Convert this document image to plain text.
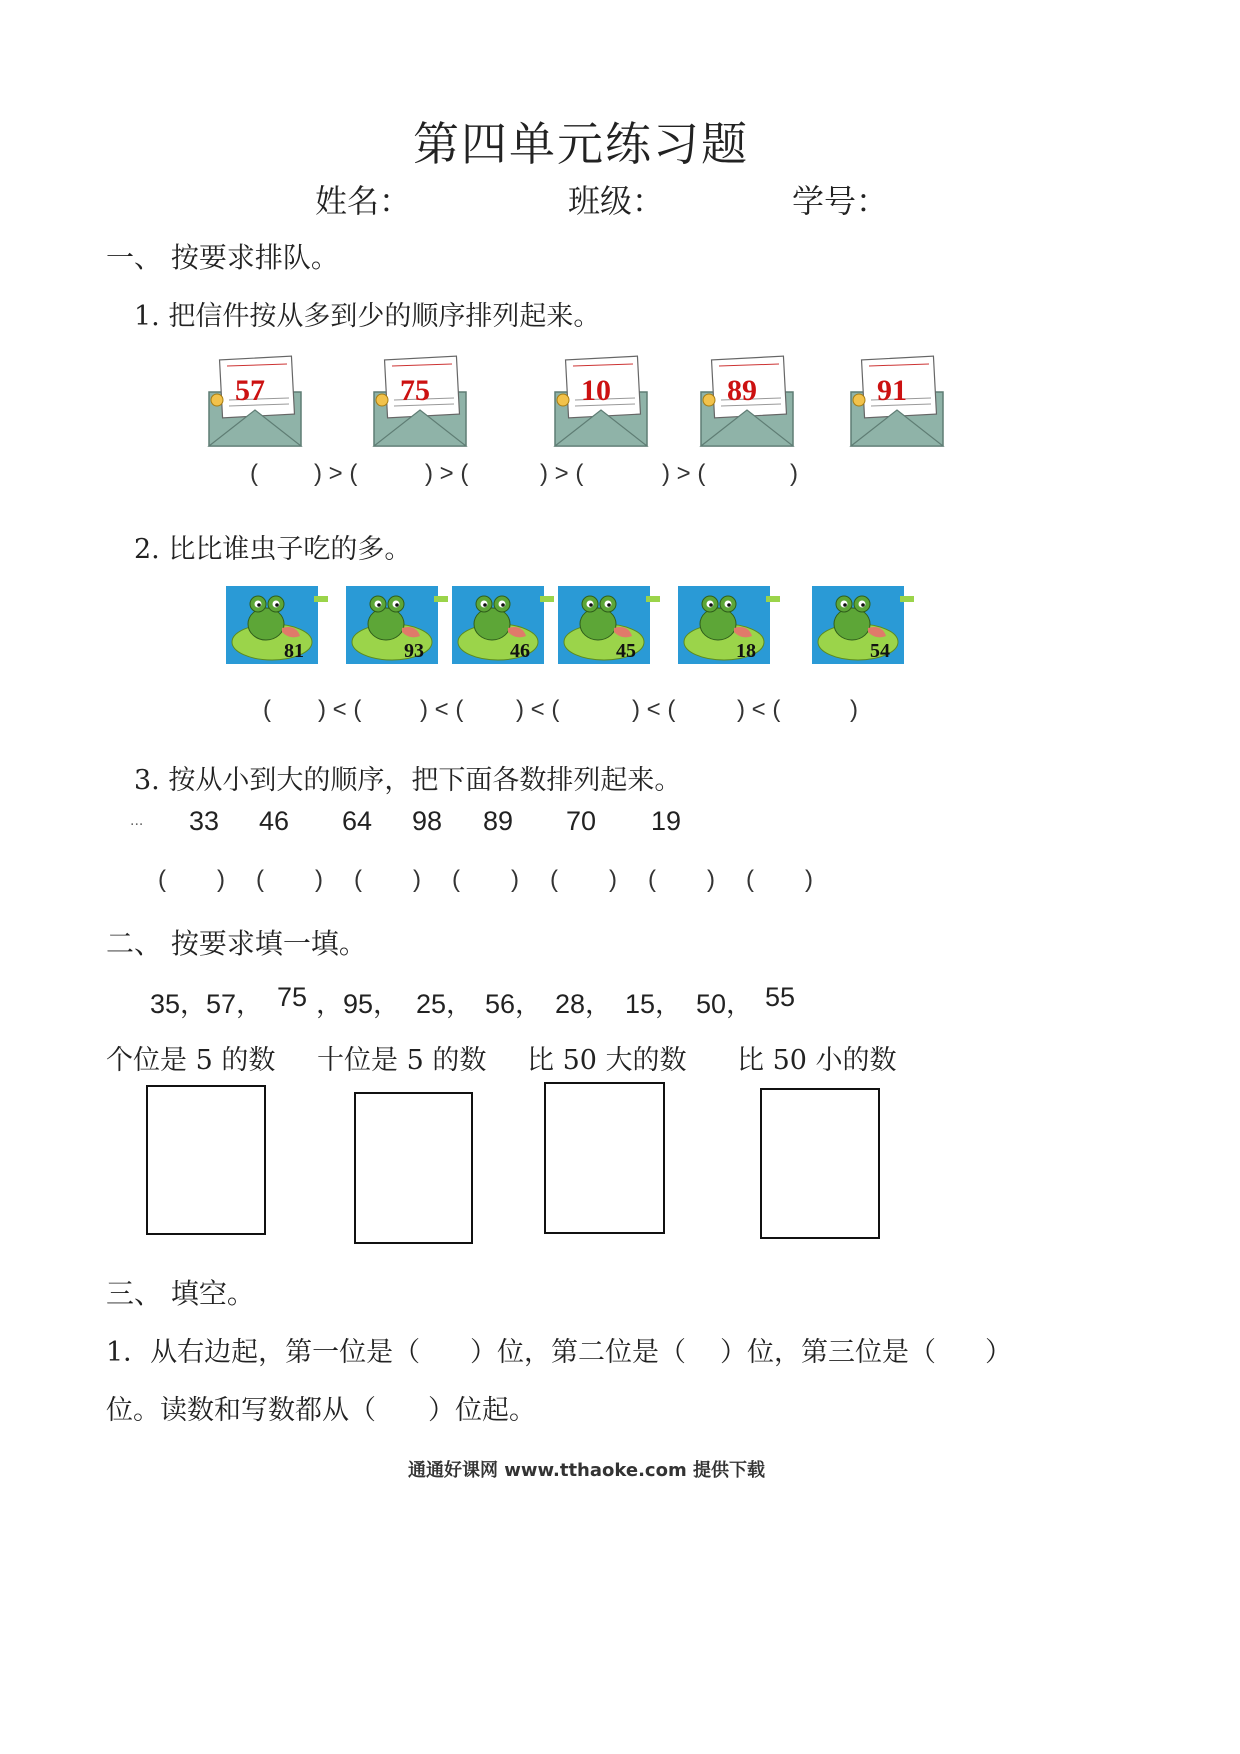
第四单元练习题
姓名：	班级：	学号：
一、 按要求排队。
1. 把信件按从多到少的顺序排列起来。
57	75	10	89	91
( ) > (	) > (	) > (	) > (	)
2. 比比谁虫子吃的多。
81	93	46	45	18	54
( ) < ( ) < ( ) < (	) < (	) < (	)
3. 按从小到大的顺序，把下面各数排列起来。
... 33 46 64 98 89 70 19
( ) ( ) ( ) ( ) ( ) ( ) ( )
二、 按要求填一填。
35，
57， 75 ，95， 25， 56， 28， 15， 50， 55
个位是 5 的数 十位是 5 的数 比 50 大的数 比 50 小的数
三、 填空。
1．从右边起，第一位是（ ）位，第二位是（ ）位，第三位是（ ）
位。读数和写数都从（ ）位起。
通通好课网 www.tthaoke.com 提供下载
